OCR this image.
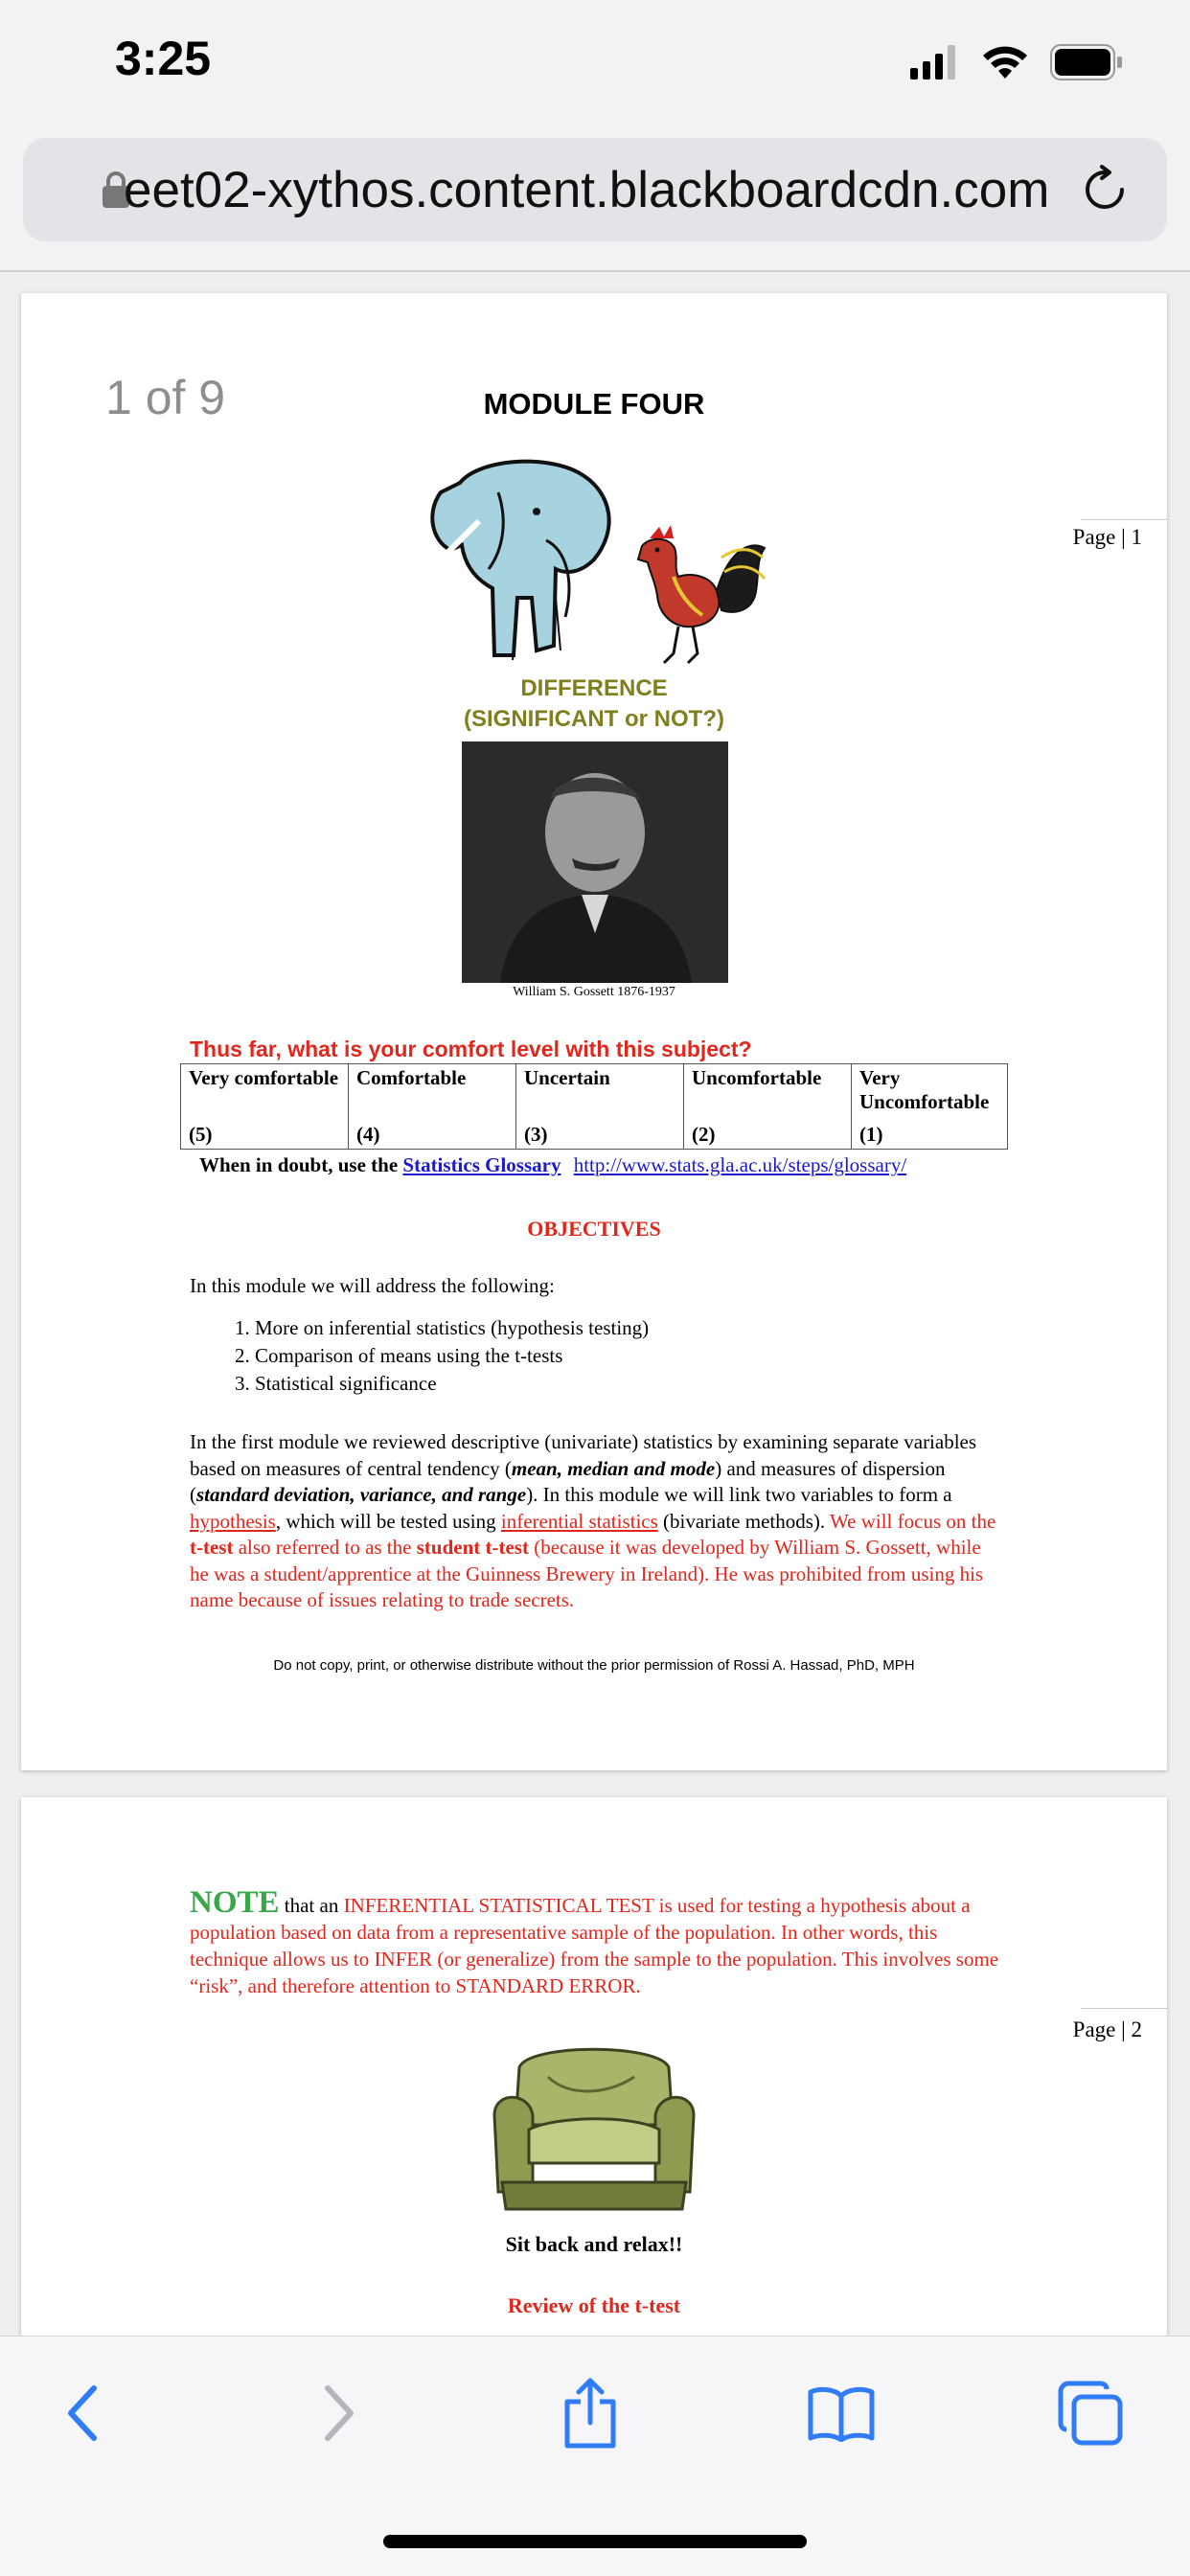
3:25
eet02-xythos.content.blackboardcdn.com
1 of 9	MODULE FOUR
Page | 1
DIFFERENCE
(SIGNIFICANT or NOT?)
William S. Gossett 1876-1937
Thus far, what is your comfort level with this subject?
Very comfortable
(5)
	Comfortable
(4)
	Uncertain
(3)
	Uncomfortable
(2)
	Very Uncomfortable
(1)
When in doubt, use the Statistics Glossary http://www.stats.gla.ac.uk/steps/glossary/
OBJECTIVES
In this module we will address the following:
1. More on inferential statistics (hypothesis testing)
2. Comparison of means using the t-tests
3. Statistical significance
In the first module we reviewed descriptive (univariate) statistics by examining separate variables based on measures of central tendency (mean, median and mode) and measures of dispersion (standard deviation, variance, and range). In this module we will link two variables to form a hypothesis, which will be tested using inferential statistics (bivariate methods). We will focus on the t-test also referred to as the student t-test (because it was developed by William S. Gossett, while he was a student/apprentice at the Guinness Brewery in Ireland). He was prohibited from using his name because of issues relating to trade secrets.
Do not copy, print, or otherwise distribute without the prior permission of Rossi A. Hassad, PhD, MPH
NOTE that an INFERENTIAL STATISTICAL TEST is used for testing a hypothesis about a population based on data from a representative sample of the population. In other words, this technique allows us to INFER (or generalize) from the sample to the population. This involves some “risk”, and therefore attention to STANDARD ERROR.
Page | 2
Sit back and relax!!
Review of the t-test
